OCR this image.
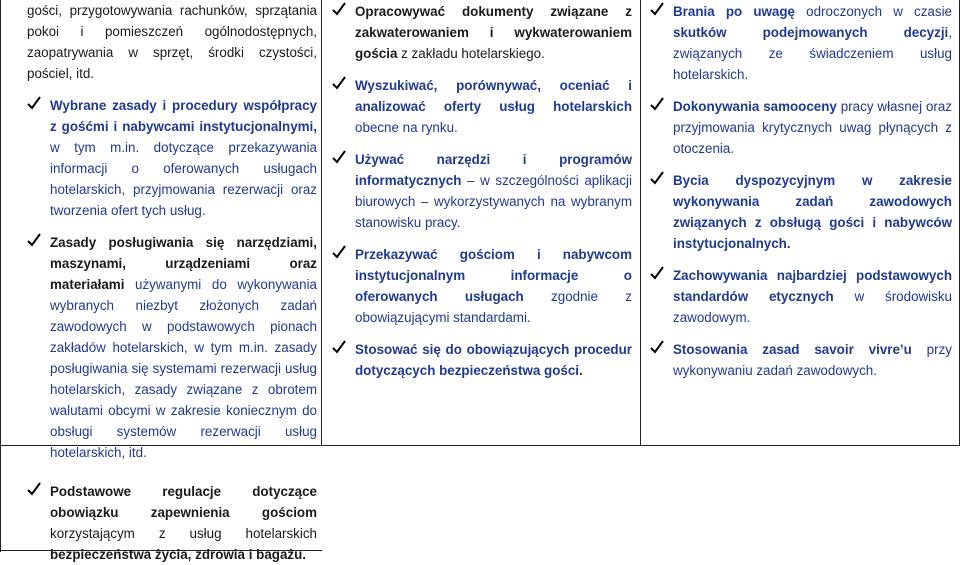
gości, przygotowywania rachunków, sprzątania pokoi i pomieszczeń ogólnodostępnych, zaopatrywania w sprzęt, środki czystości, pościel, itd.
Wybrane zasady i procedury współpracy z gośćmi i nabywcami instytucjonalnymi, w tym m.in. dotyczące przekazywania informacji o oferowanych usługach hotelarskich, przyjmowania rezerwacji oraz tworzenia ofert tych usług.
Zasady posługiwania się narzędziami, maszynami, urządzeniami oraz materiałami używanymi do wykonywania wybranych niezbyt złożonych zadań zawodowych w podstawowych pionach zakładów hotelarskich, w tym m.in. zasady posługiwania się systemami rezerwacji usług hotelarskich, zasady związane z obrotem walutami obcymi w zakresie koniecznym do obsługi systemów rezerwacji usług hotelarskich, itd.
Podstawowe regulacje dotyczące obowiązku zapewnienia gościom korzystającym z usług hotelarskich bezpieczeństwa życia, zdrowia i bagażu.
Opracowywać dokumenty związane z zakwaterowaniem i wykwaterowaniem gościa z zakładu hotelarskiego.
Wyszukiwać, porównywać, oceniać i analizować oferty usług hotelarskich obecne na rynku.
Używać narzędzi i programów informatycznych – w szczególności aplikacji biurowych – wykorzystywanych na wybranym stanowisku pracy.
Przekazywać gościom i nabywcom instytucjonalnym informacje o oferowanych usługach zgodnie z obowiązującymi standardami.
Stosować się do obowiązujących procedur dotyczących bezpieczeństwa gości.
Brania po uwagę odroczonych w czasie skutków podejmowanych decyzji, związanych ze świadczeniem usług hotelarskich.
Dokonywania samooceny pracy własnej oraz przyjmowania krytycznych uwag płynących z otoczenia.
Bycia dyspozycyjnym w zakresie wykonywania zadań zawodowych związanych z obsługą gości i nabywców instytucjonalnych.
Zachowywania najbardziej podstawowych standardów etycznych w środowisku zawodowym.
Stosowania zasad savoir vivre’u przy wykonywaniu zadań zawodowych.
